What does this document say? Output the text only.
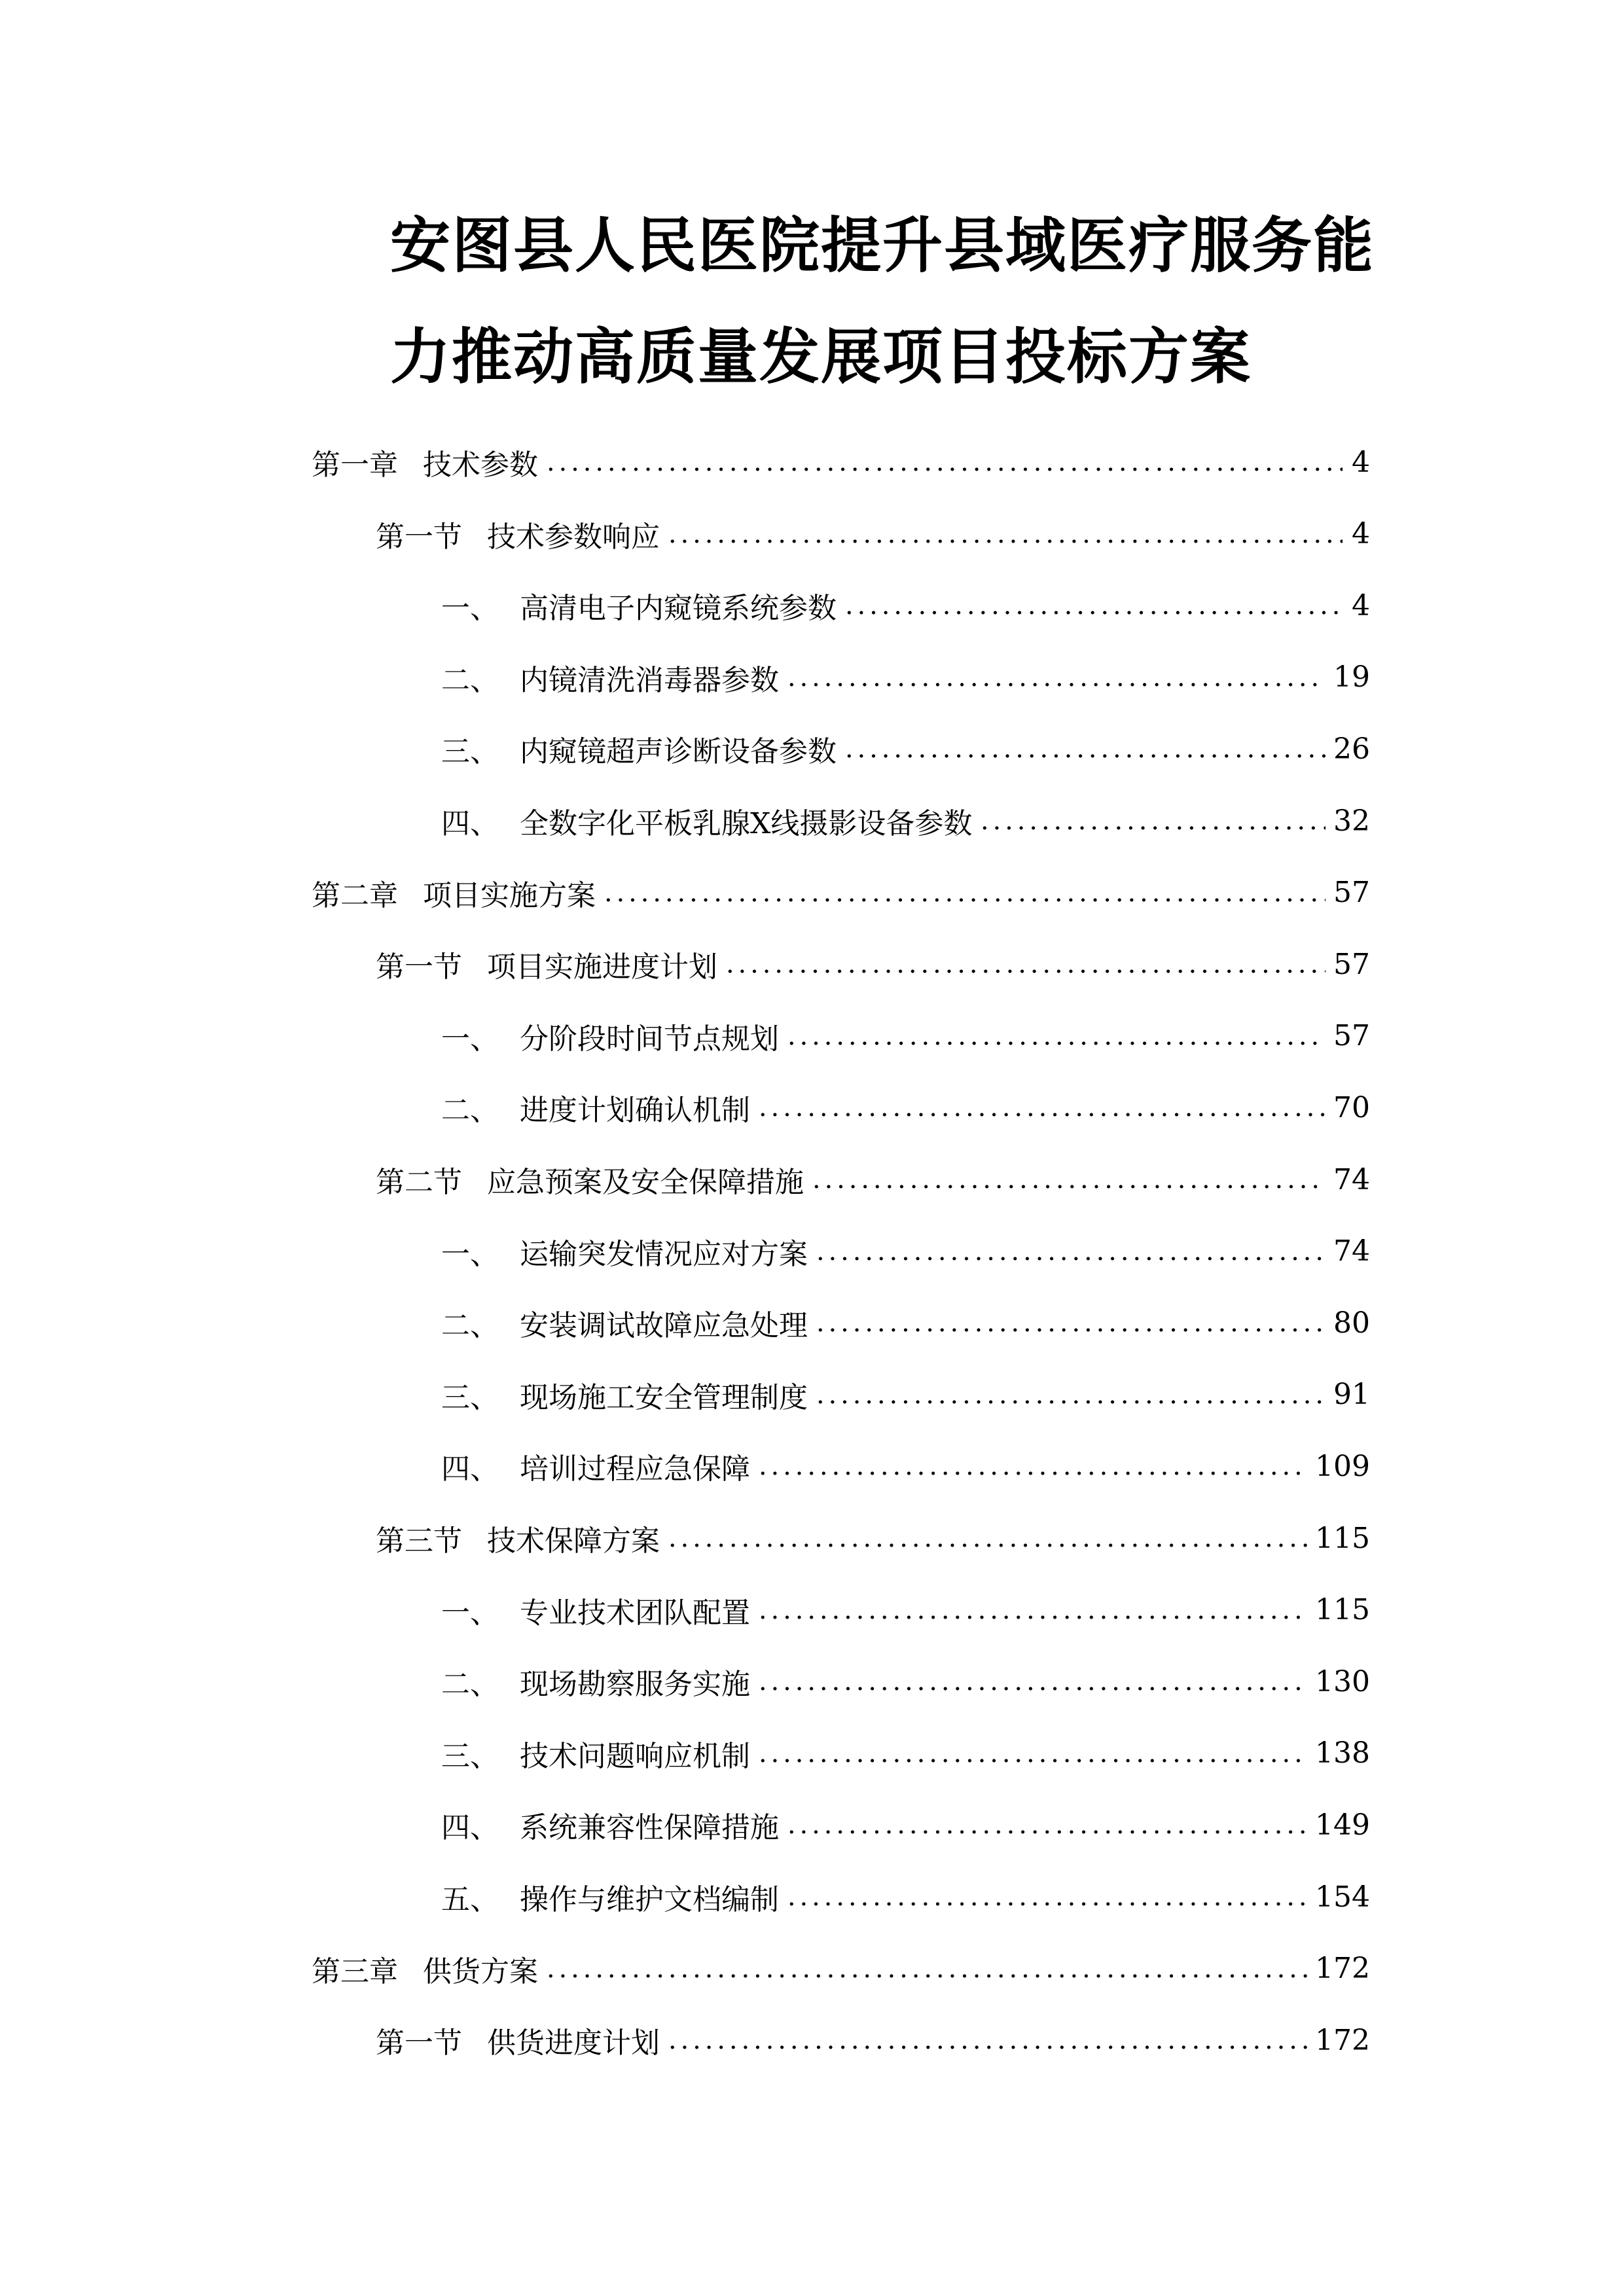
安图县人民医院提升县域医疗服务能
力推动高质量发展项目投标方案
第一章 技术参数	4
第一节 技术参数响应	4
一、 高清电子内窥镜系统参数	4
二、 内镜清洗消毒器参数	19
三、 内窥镜超声诊断设备参数	26
四、 全数字化平板乳腺X线摄影设备参数	32
第二章 项目实施方案	57
第一节 项目实施进度计划	57
一、 分阶段时间节点规划	57
二、 进度计划确认机制	70
第二节 应急预案及安全保障措施	74
一、 运输突发情况应对方案	74
二、 安装调试故障应急处理	80
三、 现场施工安全管理制度	91
四、 培训过程应急保障	109
第三节 技术保障方案	115
一、 专业技术团队配置	115
二、 现场勘察服务实施	130
三、 技术问题响应机制	138
四、 系统兼容性保障措施	149
五、 操作与维护文档编制	154
第三章 供货方案	172
第一节 供货进度计划	172
